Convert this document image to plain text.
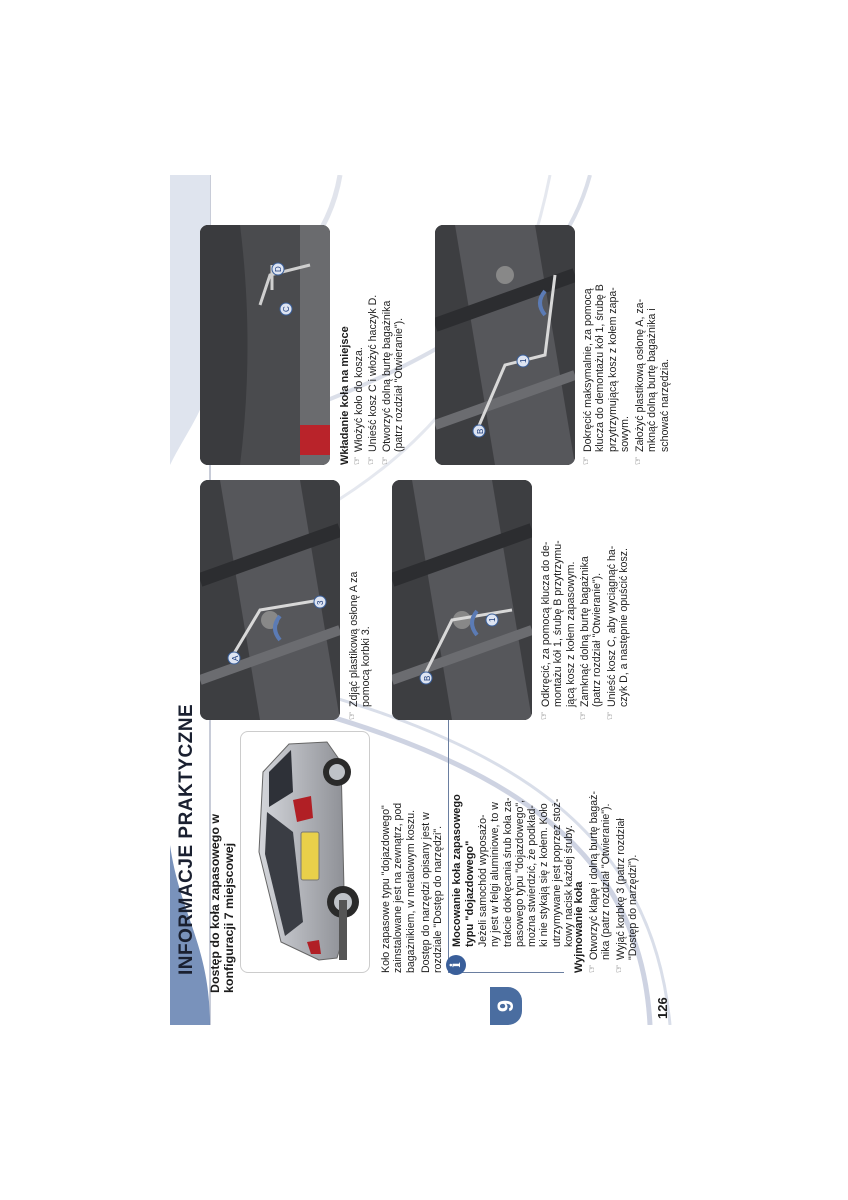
INFORMACJE PRAKTYCZNE
9	126
Dostęp do koła zapasowego w konfiguracji 7 miejscowej	Koło zapasowe typu "dojazdowego" zainstalowane jest na zewnątrz, pod bagażnikiem, w metalowym koszu. Dostęp do narzędzi opisany jest w rozdziale "Dostęp do narzędzi". i
Mocowanie koła zapasowego typu "dojazdowego" Jeżeli samochód wyposażo- ny jest w felgi aluminiowe, to w trakcie dokręcania śrub koła za- pasowego typu "dojazdowego", można stwierdzić, że podkład- ki nie stykają się z kołem. Koło utrzymywane jest poprzez stoż- kowy nacisk każdej śruby.
Wyjmowanie koła ☞ Otworzyć klapę i dolną burtę bagaż- nika (patrz rozdział "Otwieranie"). ☞ Wyjąć korbkę 3 (patrz rozdział "Dostęp do narzędzi").
A
3 ☞ Zdjąć plastikową osłonę A za pomocą korbki 3.	B
1	☞ Odkręcić, za pomocą klucza do de- montażu kół 1, śrubę B przytrzymu- jącą kosz z kołem zapasowym. ☞ Zamknąć dolną burtę bagażnika (patrz rozdział "Otwieranie"). ☞ Unieść kosz C, aby wyciągnąć ha- czyk D, a następnie opuścić kosz.
D
C
Wkładanie koła na miejsce ☞ Włożyć koło do kosza. ☞ Unieść kosz C i włożyć haczyk D. ☞ Otworzyć dolną burtę bagażnika (patrz rozdział "Otwieranie").	B
1	☞ Dokręcić maksymalnie, za pomocą klucza do demontażu kół 1, śrubę B przytrzymującą kosz z kołem zapa- sowym. ☞ Założyć plastikową osłonę A, za- mknąć dolną burtę bagażnika i schować narzędzia.
